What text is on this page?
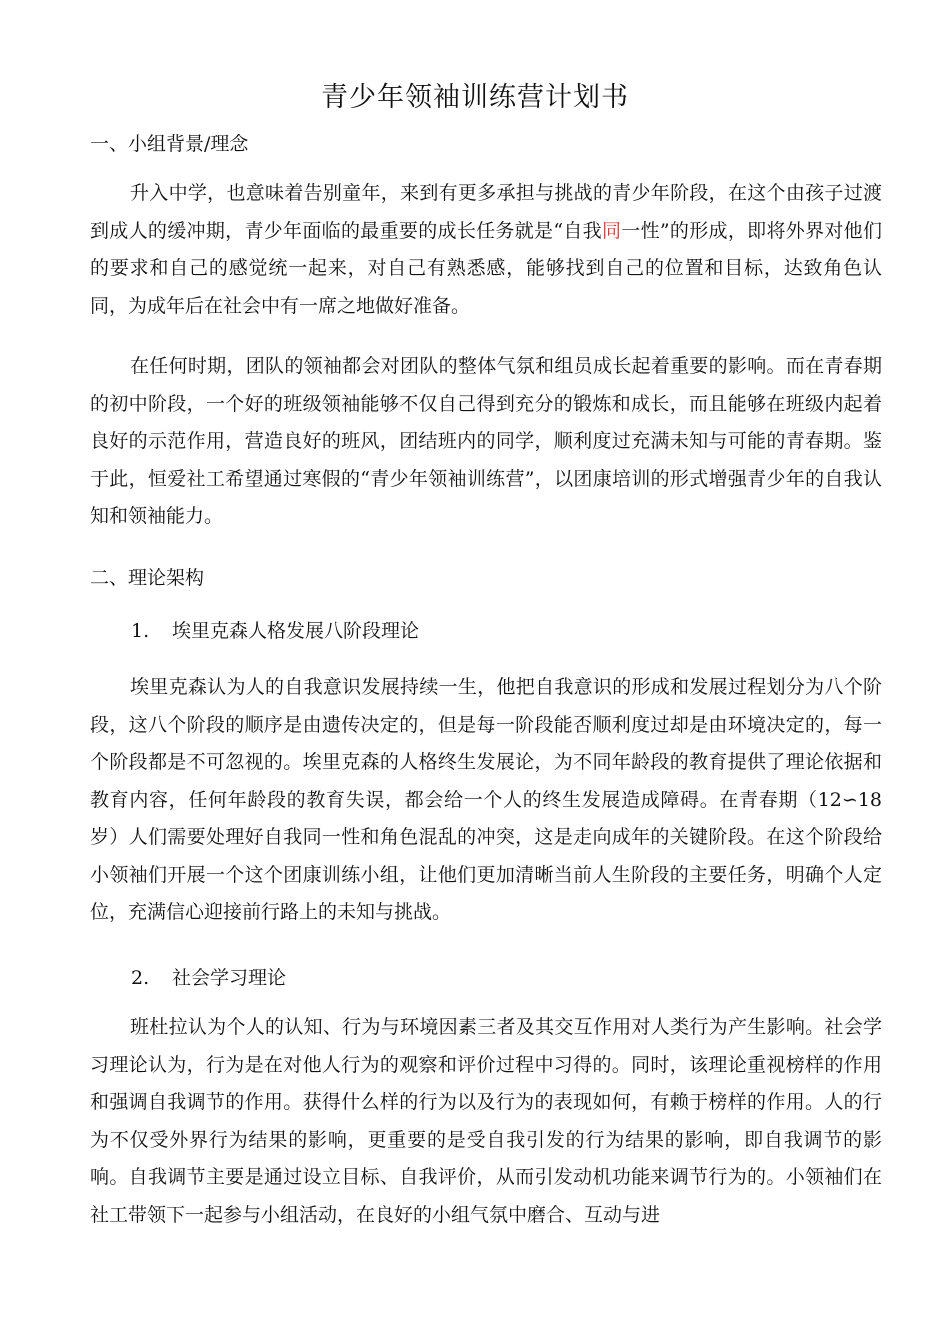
青少年领袖训练营计划书
一、小组背景/理念

升入中学，也意味着告别童年，来到有更多承担与挑战的青少年阶段，在这个由孩子过渡到成人的缓冲期，青少年面临的最重要的成长任务就是“自我同一性”的形成，即将外界对他们的要求和自己的感觉统一起来，对自己有熟悉感，能够找到自己的位置和目标，达致角色认同，为成年后在社会中有一席之地做好准备。

在任何时期，团队的领袖都会对团队的整体气氛和组员成长起着重要的影响。而在青春期的初中阶段，一个好的班级领袖能够不仅自己得到充分的锻炼和成长，而且能够在班级内起着良好的示范作用，营造良好的班风，团结班内的同学，顺利度过充满未知与可能的青春期。鉴于此，恒爱社工希望通过寒假的“青少年领袖训练营”，以团康培训的形式增强青少年的自我认知和领袖能力。

二、理论架构
1. 埃里克森人格发展八阶段理论

埃里克森认为人的自我意识发展持续一生，他把自我意识的形成和发展过程划分为八个阶段，这八个阶段的顺序是由遗传决定的，但是每一阶段能否顺利度过却是由环境决定的，每一个阶段都是不可忽视的。埃里克森的人格终生发展论，为不同年龄段的教育提供了理论依据和教育内容，任何年龄段的教育失误，都会给一个人的终生发展造成障碍。在青春期（12∽18岁）人们需要处理好自我同一性和角色混乱的冲突，这是走向成年的关键阶段。在这个阶段给小领袖们开展一个这个团康训练小组，让他们更加清晰当前人生阶段的主要任务，明确个人定位，充满信心迎接前行路上的未知与挑战。

2. 社会学习理论

班杜拉认为个人的认知、行为与环境因素三者及其交互作用对人类行为产生影响。社会学习理论认为，行为是在对他人行为的观察和评价过程中习得的。同时，该理论重视榜样的作用和强调自我调节的作用。获得什么样的行为以及行为的表现如何，有赖于榜样的作用。人的行为不仅受外界行为结果的影响，更重要的是受自我引发的行为结果的影响，即自我调节的影响。自我调节主要是通过设立目标、自我评价，从而引发动机功能来调节行为的。小领袖们在社工带领下一起参与小组活动，在良好的小组气氛中磨合、互动与进
